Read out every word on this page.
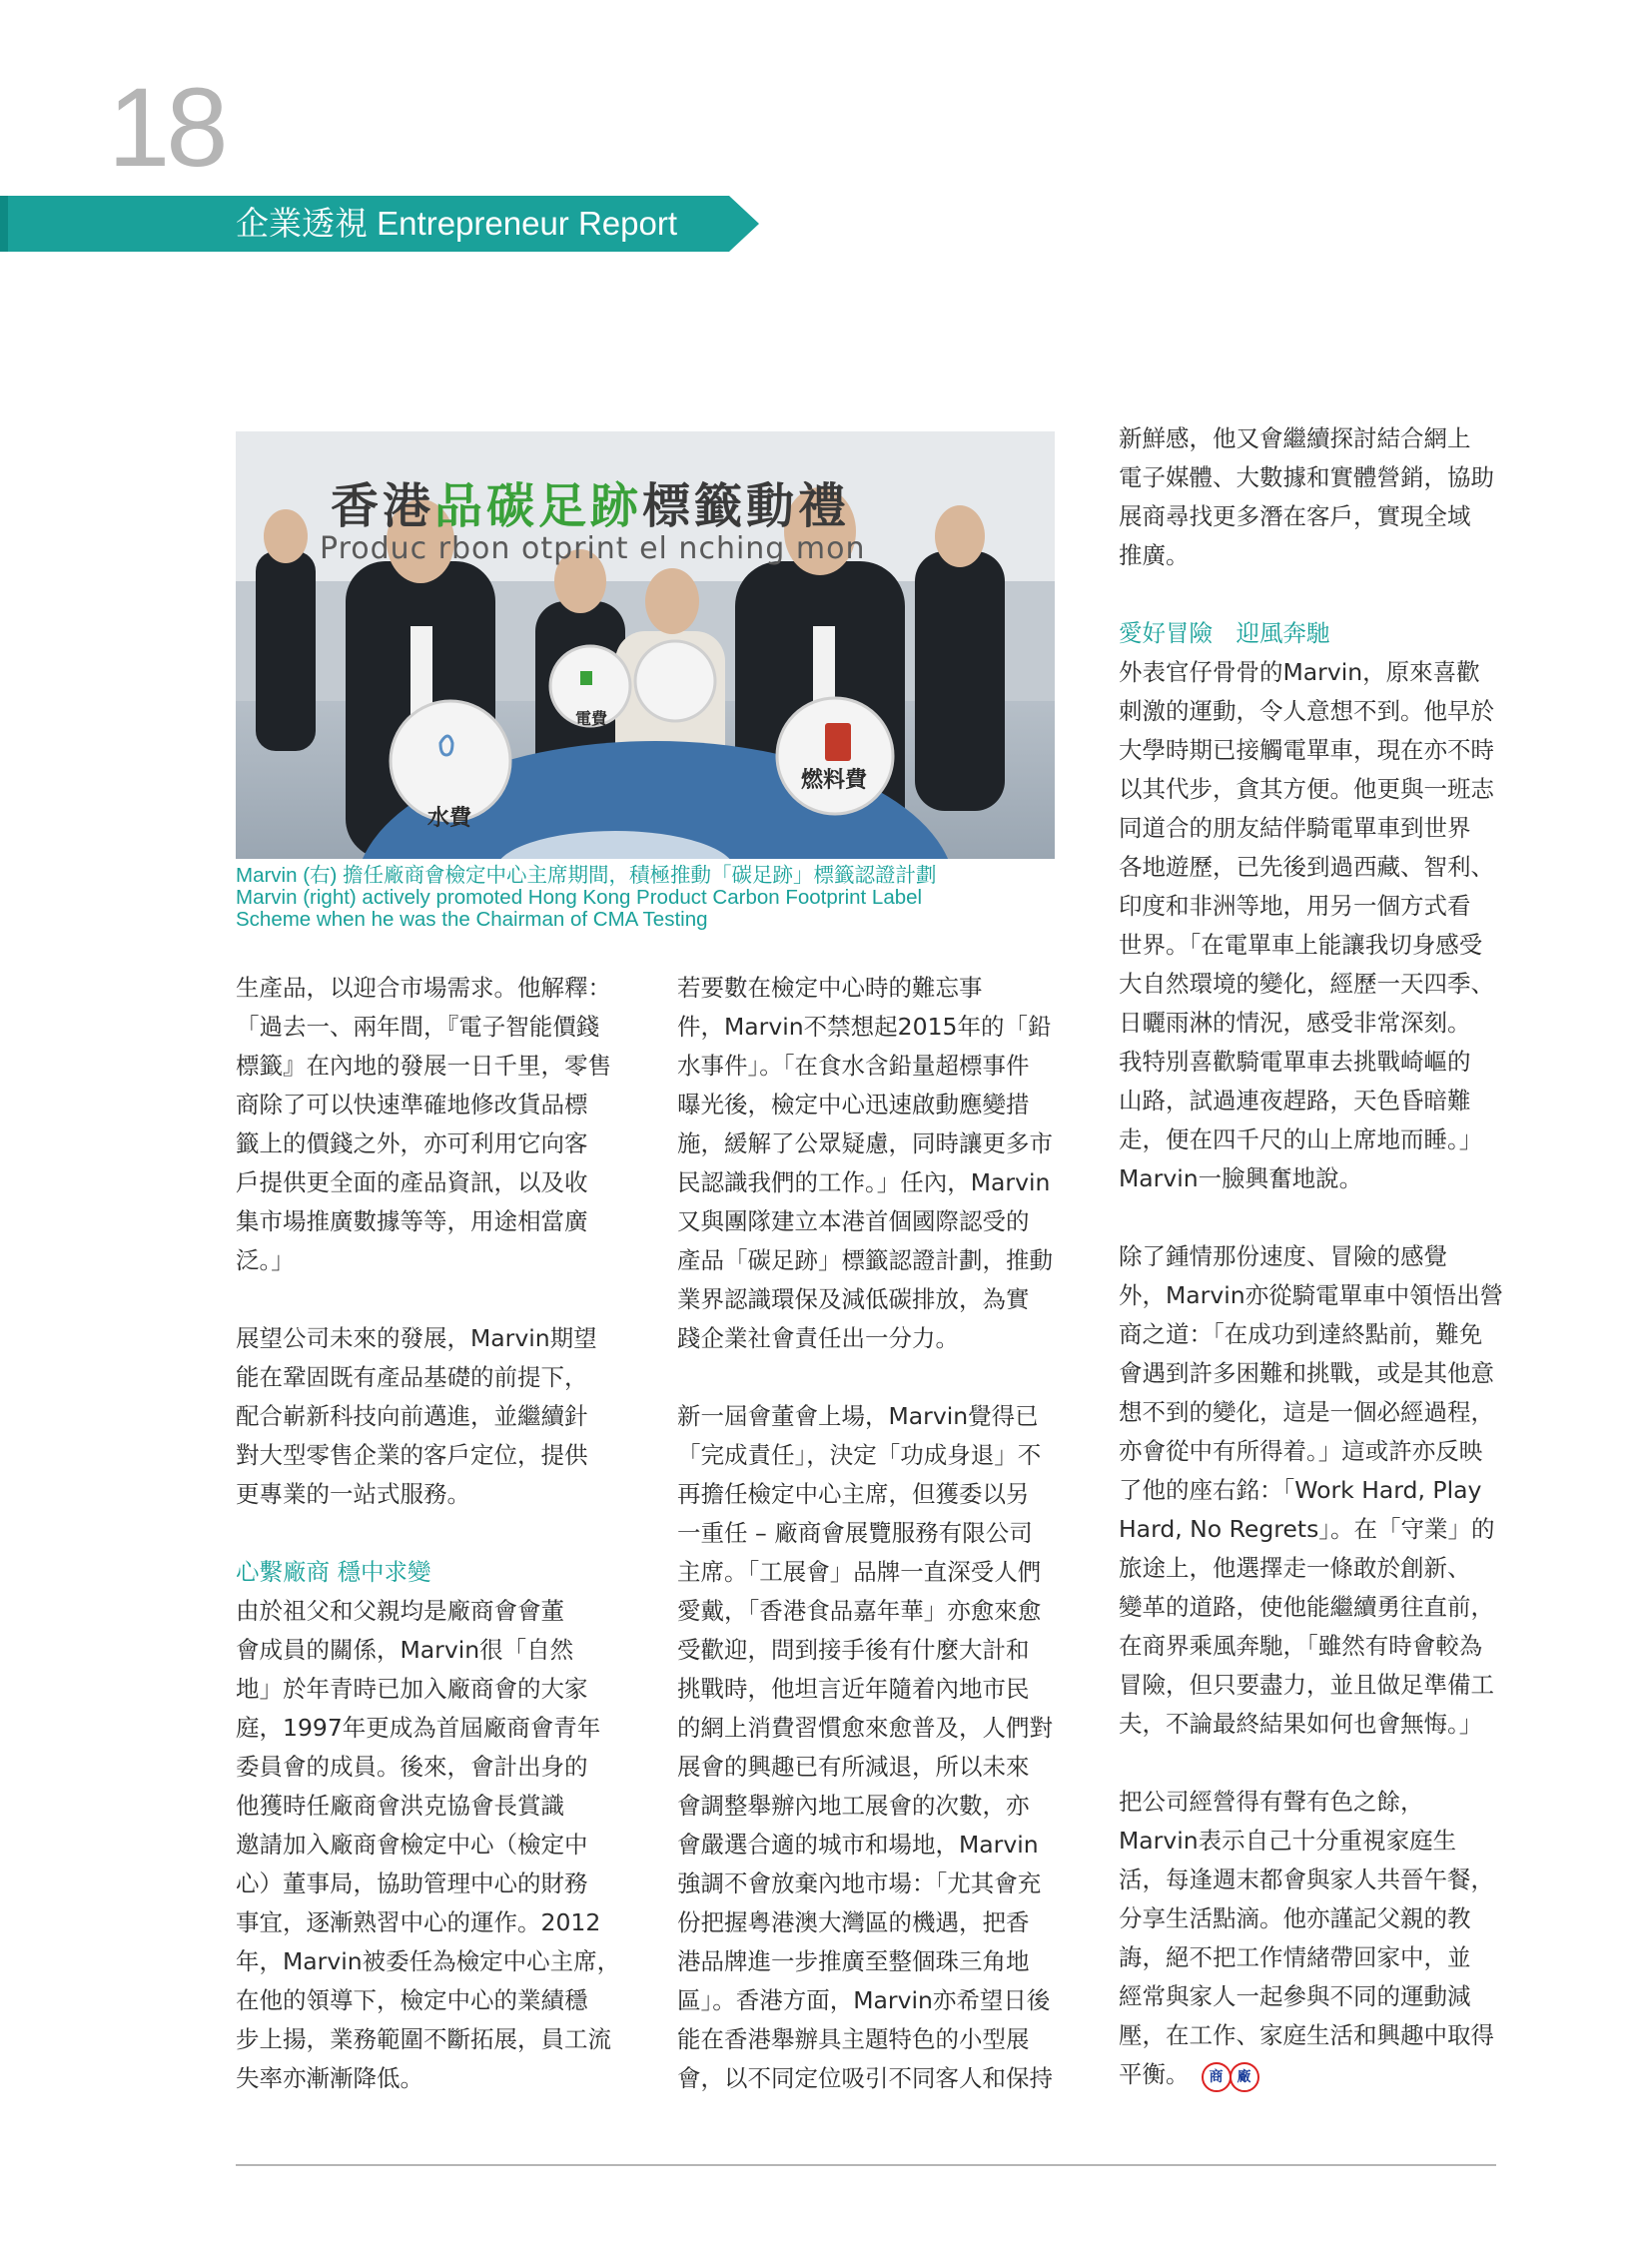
18
企業透視 Entrepreneur Report
香港品碳足跡標籤動禮
Produc rbon otprint el nching mon
水費
電費
燃料費
Marvin (右) 擔任廠商會檢定中心主席期間，積極推動「碳足跡」標籤認證計劃
Marvin (right) actively promoted Hong Kong Product Carbon Footprint Label
Scheme when he was the Chairman of CMA Testing
生產品，以迎合市場需求。他解釋：
「過去一、兩年間，『電子智能價錢
標籤』在內地的發展一日千里，零售
商除了可以快速準確地修改貨品標
籤上的價錢之外，亦可利用它向客
戶提供更全面的產品資訊，以及收
集市場推廣數據等等，用途相當廣
泛。」
展望公司未來的發展，Marvin期望
能在鞏固既有產品基礎的前提下，
配合嶄新科技向前邁進，並繼續針
對大型零售企業的客戶定位，提供
更專業的一站式服務。
心繫廠商 穩中求變
由於祖父和父親均是廠商會會董
會成員的關係，Marvin很「自然
地」於年青時已加入廠商會的大家
庭，1997年更成為首屆廠商會青年
委員會的成員。後來，會計出身的
他獲時任廠商會洪克協會長賞識
邀請加入廠商會檢定中心（檢定中
心）董事局，協助管理中心的財務
事宜，逐漸熟習中心的運作。2012
年，Marvin被委任為檢定中心主席，
在他的領導下，檢定中心的業績穩
步上揚，業務範圍不斷拓展，員工流
失率亦漸漸降低。
若要數在檢定中心時的難忘事
件，Marvin不禁想起2015年的「鉛
水事件」。「在食水含鉛量超標事件
曝光後，檢定中心迅速啟動應變措
施，緩解了公眾疑慮，同時讓更多市
民認識我們的工作。」任內，Marvin
又與團隊建立本港首個國際認受的
產品「碳足跡」標籤認證計劃，推動
業界認識環保及減低碳排放，為實
踐企業社會責任出一分力。
新一屆會董會上場，Marvin覺得已
「完成責任」，決定「功成身退」不
再擔任檢定中心主席，但獲委以另
一重任 – 廠商會展覽服務有限公司
主席。「工展會」品牌一直深受人們
愛戴，「香港食品嘉年華」亦愈來愈
受歡迎，問到接手後有什麼大計和
挑戰時，他坦言近年隨着內地市民
的網上消費習慣愈來愈普及，人們對
展會的興趣已有所減退，所以未來
會調整舉辦內地工展會的次數，亦
會嚴選合適的城市和場地，Marvin
強調不會放棄內地市場：「尤其會充
份把握粵港澳大灣區的機遇，把香
港品牌進一步推廣至整個珠三角地
區」。香港方面，Marvin亦希望日後
能在香港舉辦具主題特色的小型展
會，以不同定位吸引不同客人和保持
新鮮感，他又會繼續探討結合網上
電子媒體、大數據和實體營銷，協助
展商尋找更多潛在客戶，實現全域
推廣。
愛好冒險　迎風奔馳
外表官仔骨骨的Marvin，原來喜歡
刺激的運動，令人意想不到。他早於
大學時期已接觸電單車，現在亦不時
以其代步，貪其方便。他更與一班志
同道合的朋友結伴騎電單車到世界
各地遊歷，已先後到過西藏、智利、
印度和非洲等地，用另一個方式看
世界。「在電單車上能讓我切身感受
大自然環境的變化，經歷一天四季、
日曬雨淋的情況，感受非常深刻。
我特別喜歡騎電單車去挑戰崎嶇的
山路，試過連夜趕路，天色昏暗難
走，便在四千尺的山上席地而睡。」
Marvin一臉興奮地說。
除了鍾情那份速度、冒險的感覺
外，Marvin亦從騎電單車中領悟出營
商之道：「在成功到達終點前，難免
會遇到許多困難和挑戰，或是其他意
想不到的變化，這是一個必經過程，
亦會從中有所得着。」這或許亦反映
了他的座右銘：「Work Hard, Play
Hard, No Regrets」。在「守業」的
旅途上，他選擇走一條敢於創新、
變革的道路，使他能繼續勇往直前，
在商界乘風奔馳，「雖然有時會較為
冒險，但只要盡力，並且做足準備工
夫，不論最終結果如何也會無悔。」
把公司經營得有聲有色之餘，
Marvin表示自己十分重視家庭生
活，每逢週末都會與家人共晉午餐，
分享生活點滴。他亦謹記父親的教
誨，絕不把工作情緒帶回家中，並
經常與家人一起參與不同的運動減
壓，在工作、家庭生活和興趣中取得
平衡。	商	廠
